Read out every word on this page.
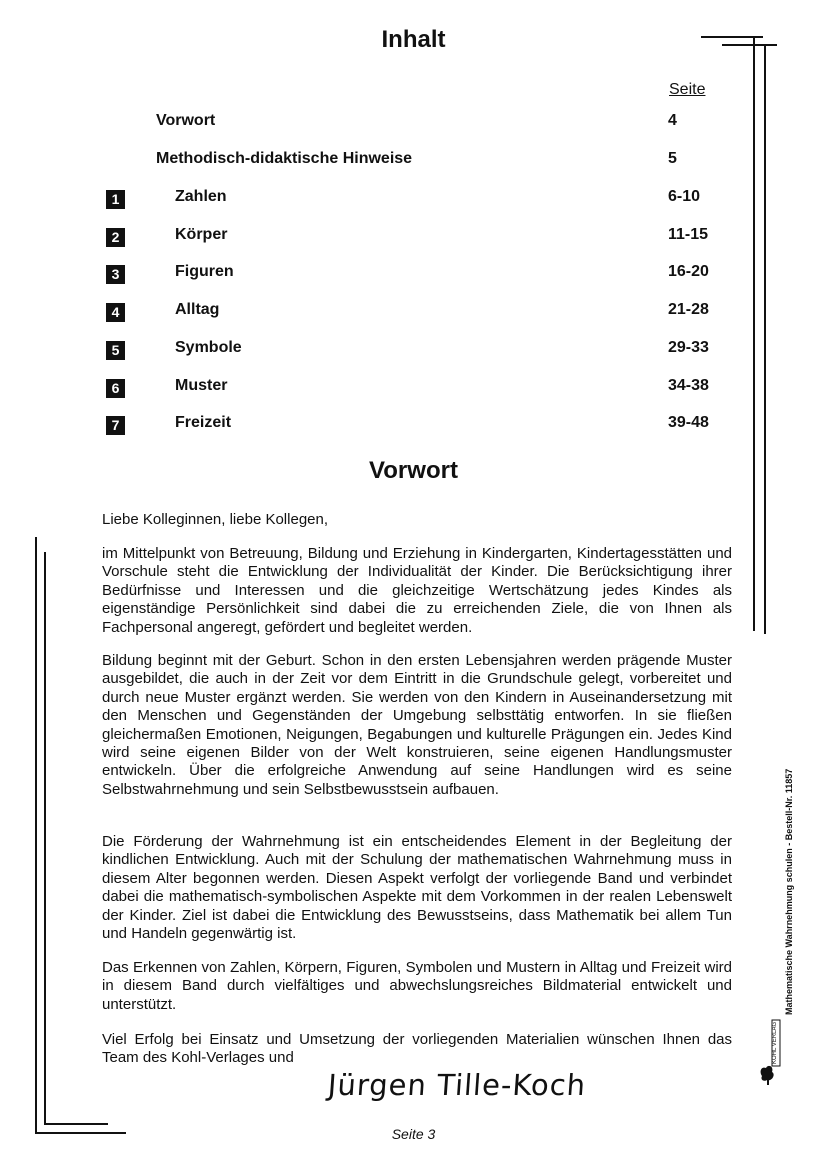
Inhalt
Seite
Vorwort	4
Methodisch-didaktische Hinweise	5
1	Zahlen	6-10
2	Körper	11-15
3	Figuren	16-20
4	Alltag	21-28
5	Symbole	29-33
6	Muster	34-38
7	Freizeit	39-48
Vorwort

Liebe Kolleginnen, liebe Kollegen,

im Mittelpunkt von Betreuung, Bildung und Erziehung in Kindergarten, Kindertagesstätten und Vorschule steht die Entwicklung der Individualität der Kinder. Die Berücksichtigung ihrer Bedürfnisse und Interessen und die gleichzeitige Wertschätzung jedes Kindes als eigenständige Persönlichkeit sind dabei die zu erreichenden Ziele, die von Ihnen als Fachpersonal angeregt, gefördert und begleitet werden.

Bildung beginnt mit der Geburt. Schon in den ersten Lebensjahren werden prägende Muster ausgebildet, die auch in der Zeit vor dem Eintritt in die Grundschule gelegt, vorbereitet und durch neue Muster ergänzt werden. Sie werden von den Kindern in Auseinandersetzung mit den Menschen und Gegenständen der Umgebung selbsttätig entworfen. In sie fließen gleichermaßen Emotionen, Neigungen, Begabungen und kulturelle Prägungen ein. Jedes Kind wird seine eigenen Bilder von der Welt konstruieren, seine eigenen Handlungsmuster entwickeln. Über die erfolgreiche Anwendung auf seine Handlungen wird es seine Selbstwahrnehmung und sein Selbstbewusstsein aufbauen.

Die Förderung der Wahrnehmung ist ein entscheidendes Element in der Begleitung der kindlichen Entwicklung. Auch mit der Schulung der mathematischen Wahrnehmung muss in diesem Alter begonnen werden. Diesen Aspekt verfolgt der vorliegende Band und verbindet dabei die mathematisch-symbolischen Aspekte mit dem Vorkommen in der realen Lebenswelt der Kinder. Ziel ist dabei die Entwicklung des Bewusstseins, dass Mathematik bei allem Tun und Handeln gegenwärtig ist.

Das Erkennen von Zahlen, Körpern, Figuren, Symbolen und Mustern in Alltag und Freizeit wird in diesem Band durch vielfältiges und abwechslungsreiches Bildmaterial entwickelt und unterstützt.

Viel Erfolg bei Einsatz und Umsetzung der vorliegenden Materialien wünschen Ihnen das Team des Kohl-Verlages und

Jürgen Tille-Koch
Mathematische Wahrnehmung schulen - Bestell-Nr. 11857
KOHL VERLAG
Seite 3
